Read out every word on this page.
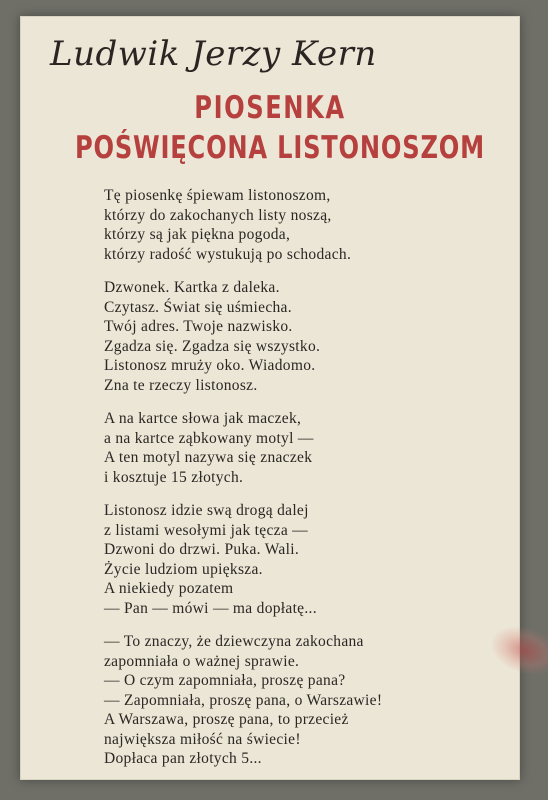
Ludwik Jerzy Kern
PIOSENKA
POŚWIĘCONA LISTONOSZOM
Tę piosenkę śpiewam listonoszom,
którzy do zakochanych listy noszą,
którzy są jak piękna pogoda,
którzy radość wystukują po schodach.
Dzwonek. Kartka z daleka.
Czytasz. Świat się uśmiecha.
Twój adres. Twoje nazwisko.
Zgadza się. Zgadza się wszystko.
Listonosz mruży oko. Wiadomo.
Zna te rzeczy listonosz.
A na kartce słowa jak maczek,
a na kartce ząbkowany motyl —
A ten motyl nazywa się znaczek
i kosztuje 15 złotych.
Listonosz idzie swą drogą dalej
z listami wesołymi jak tęcza —
Dzwoni do drzwi. Puka. Wali.
Życie ludziom upiększa.
A niekiedy pozatem
— Pan — mówi — ma dopłatę...
— To znaczy, że dziewczyna zakochana
zapomniała o ważnej sprawie.
— O czym zapomniała, proszę pana?
— Zapomniała, proszę pana, o Warszawie!
A Warszawa, proszę pana, to przecież
największa miłość na świecie!
Dopłaca pan złotych 5...
